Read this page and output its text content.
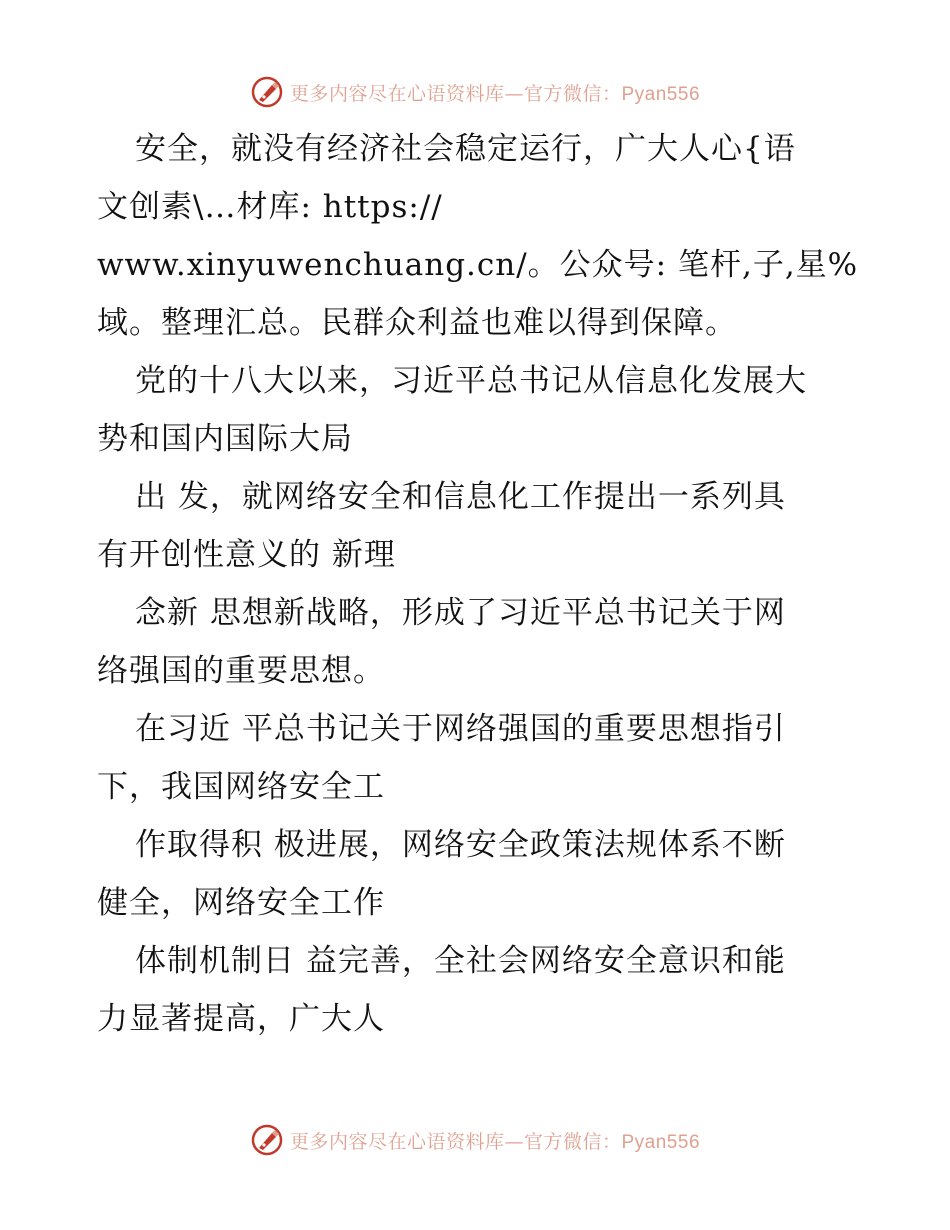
更多内容尽在心语资料库—官方微信：Pyan556
安全，就没有经济社会稳定运行，广大人心{语
文创素\…材库: https://
www.xinyuwenchuang.cn/。公众号: 笔杆,子,星%
域。整理汇总。民群众利益也难以得到保障。
党的十八大以来，习近平总书记从信息化发展大
势和国内国际大局
出 发，就网络安全和信息化工作提出一系列具
有开创性意义的 新理
念新 思想新战略，形成了习近平总书记关于网
络强国的重要思想。
在习近 平总书记关于网络强国的重要思想指引
下，我国网络安全工
作取得积 极进展，网络安全政策法规体系不断
健全，网络安全工作
体制机制日 益完善，全社会网络安全意识和能
力显著提高，广大人
更多内容尽在心语资料库—官方微信：Pyan556
